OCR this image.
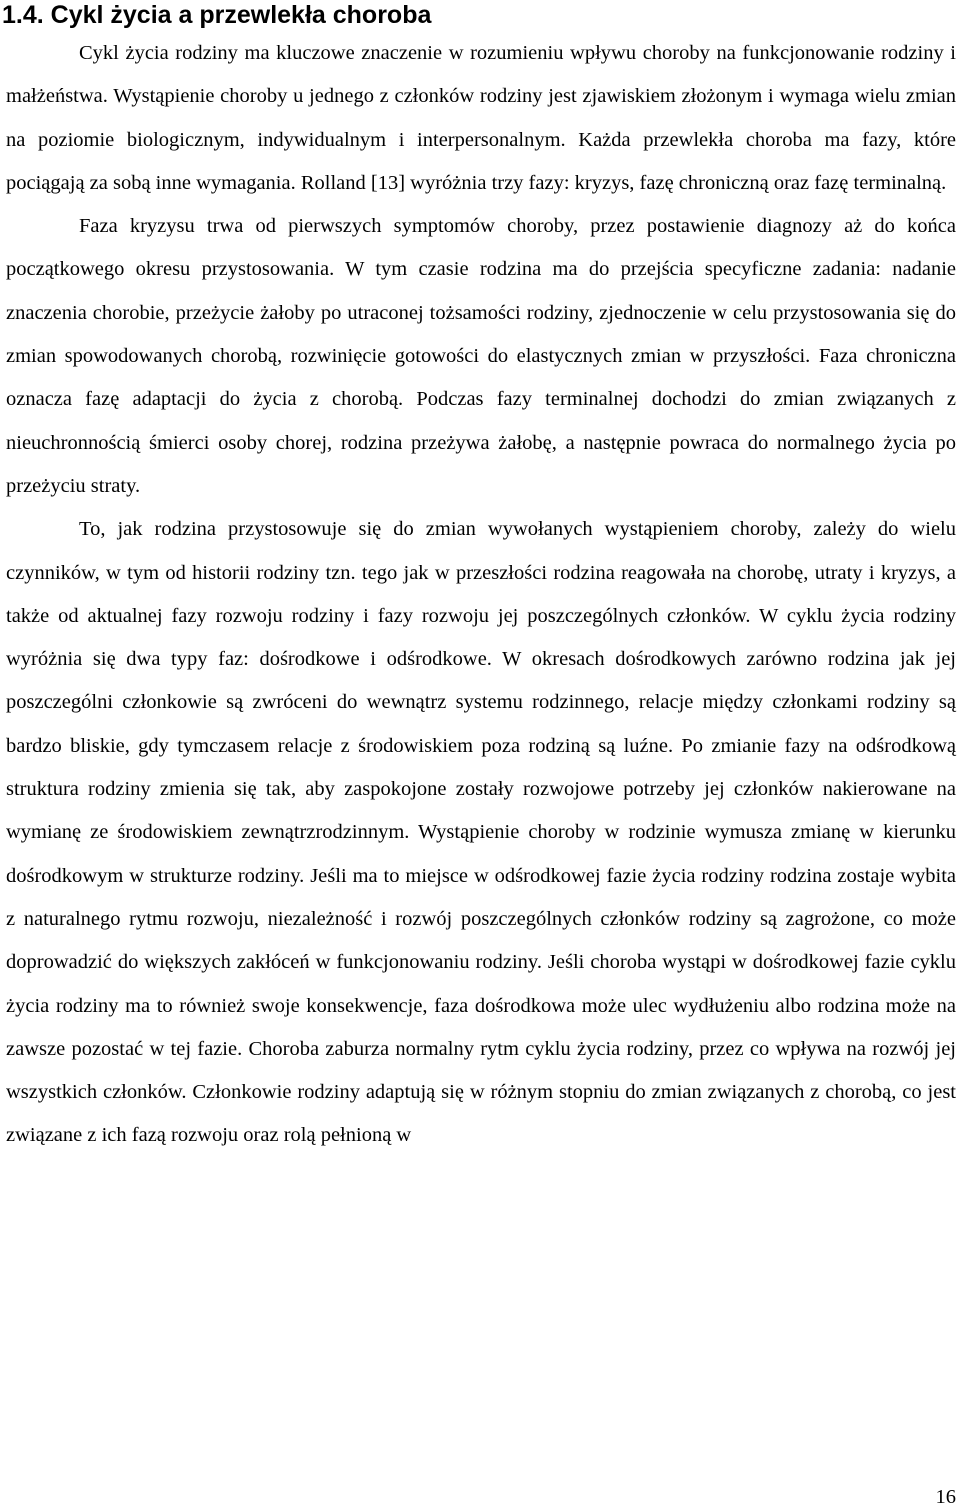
1.4. Cykl życia a przewlekła choroba

Cykl życia rodziny ma kluczowe znaczenie w rozumieniu wpływu choroby na funkcjonowanie rodziny i małżeństwa. Wystąpienie choroby u jednego z członków rodziny jest zjawiskiem złożonym i wymaga wielu zmian na poziomie biologicznym, indywidualnym i interpersonalnym. Każda przewlekła choroba ma fazy, które pociągają za sobą inne wymagania. Rolland [13] wyróżnia trzy fazy: kryzys, fazę chroniczną oraz fazę terminalną.

Faza kryzysu trwa od pierwszych symptomów choroby, przez postawienie diagnozy aż do końca początkowego okresu przystosowania. W tym czasie rodzina ma do przejścia specyficzne zadania: nadanie znaczenia chorobie, przeżycie żałoby po utraconej tożsamości rodziny, zjednoczenie w celu przystosowania się do zmian spowodowanych chorobą, rozwinięcie gotowości do elastycznych zmian w przyszłości. Faza chroniczna oznacza fazę adaptacji do życia z chorobą. Podczas fazy terminalnej dochodzi do zmian związanych z nieuchronnością śmierci osoby chorej, rodzina przeżywa żałobę, a następnie powraca do normalnego życia po przeżyciu straty.

To, jak rodzina przystosowuje się do zmian wywołanych wystąpieniem choroby, zależy do wielu czynników, w tym od historii rodziny tzn. tego jak w przeszłości rodzina reagowała na chorobę, utraty i kryzys, a także od aktualnej fazy rozwoju rodziny i fazy rozwoju jej poszczególnych członków. W cyklu życia rodziny wyróżnia się dwa typy faz: dośrodkowe i odśrodkowe. W okresach dośrodkowych zarówno rodzina jak jej poszczególni członkowie są zwróceni do wewnątrz systemu rodzinnego, relacje między członkami rodziny są bardzo bliskie, gdy tymczasem relacje z środowiskiem poza rodziną są luźne. Po zmianie fazy na odśrodkową struktura rodziny zmienia się tak, aby zaspokojone zostały rozwojowe potrzeby jej członków nakierowane na wymianę ze środowiskiem zewnątrzrodzinnym. Wystąpienie choroby w rodzinie wymusza zmianę w kierunku dośrodkowym w strukturze rodziny. Jeśli ma to miejsce w odśrodkowej fazie życia rodziny rodzina zostaje wybita z naturalnego rytmu rozwoju, niezależność i rozwój poszczególnych członków rodziny są zagrożone, co może doprowadzić do większych zakłóceń w funkcjonowaniu rodziny. Jeśli choroba wystąpi w dośrodkowej fazie cyklu życia rodziny ma to również swoje konsekwencje, faza dośrodkowa może ulec wydłużeniu albo rodzina może na zawsze pozostać w tej fazie. Choroba zaburza normalny rytm cyklu życia rodziny, przez co wpływa na rozwój jej wszystkich członków. Członkowie rodziny adaptują się w różnym stopniu do zmian związanych z chorobą, co jest związane z ich fazą rozwoju oraz rolą pełnioną w

16
